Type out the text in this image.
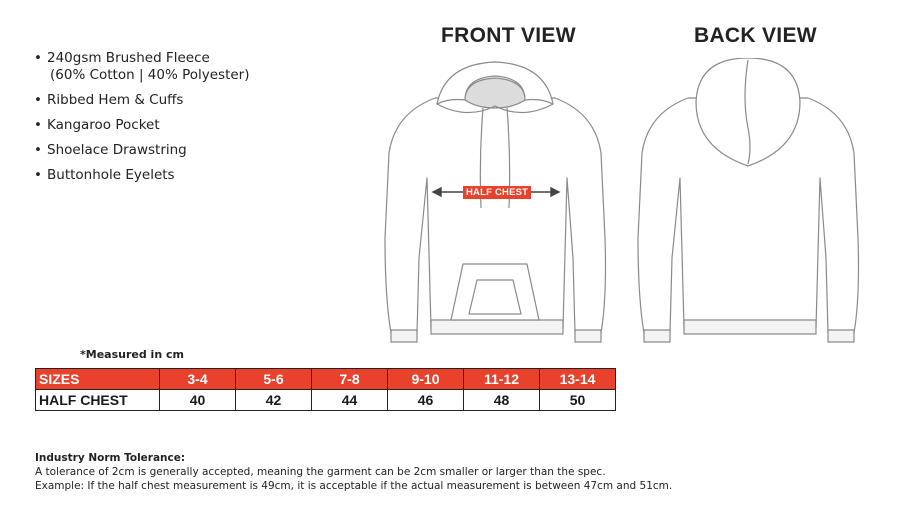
• 240gsm Brushed Fleece
(60% Cotton | 40% Polyester)
• Ribbed Hem & Cuffs
• Kangaroo Pocket
• Shoelace Drawstring
• Buttonhole Eyelets
FRONT VIEW	BACK VIEW
HALF CHEST
*Measured in cm
SIZES	3-4	5-6	7-8	9-10	11-12	13-14
HALF CHEST	40	42	44	46	48	50
Industry Norm Tolerance:
A tolerance of 2cm is generally accepted, meaning the garment can be 2cm smaller or larger than the spec.
Example: If the half chest measurement is 49cm, it is acceptable if the actual measurement is between 47cm and 51cm.
